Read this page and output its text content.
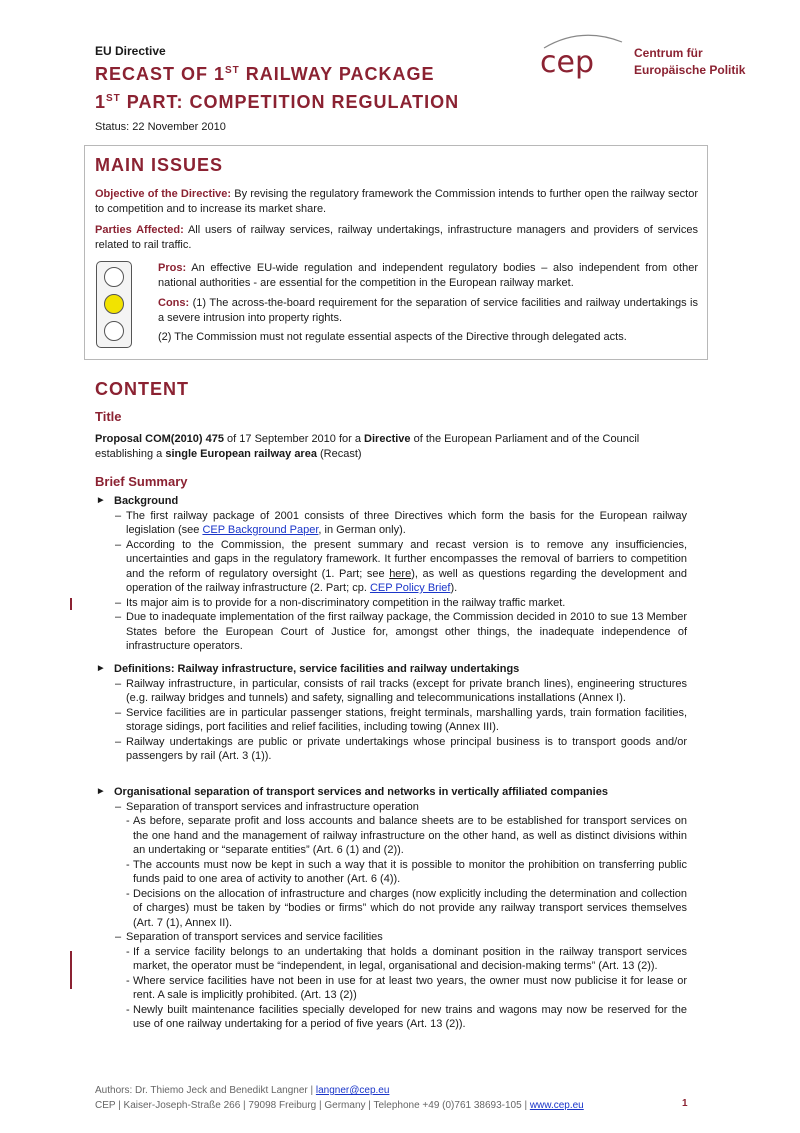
EU Directive
RECAST OF 1ST RAILWAY PACKAGE
1ST PART: COMPETITION REGULATION
Status: 22 November 2010
cep	Centrum für
Europäische Politik
MAIN ISSUES
Objective of the Directive: By revising the regulatory framework the Commission intends to further open the railway sector to competition and to increase its market share.
Parties Affected: All users of railway services, railway undertakings, infrastructure managers and providers of services related to rail traffic.
Pros: An effective EU-wide regulation and independent regulatory bodies – also independent from other national authorities - are essential for the competition in the European railway market.
Cons: (1) The across-the-board requirement for the separation of service facilities and railway undertakings is a severe intrusion into property rights.
(2) The Commission must not regulate essential aspects of the Directive through delegated acts.
CONTENT
Title
Proposal COM(2010) 475 of 17 September 2010 for a Directive of the European Parliament and of the Council establishing a single European railway area (Recast)
Brief Summary
▶ Background
– The first railway package of 2001 consists of three Directives which form the basis for the European railway legislation (see CEP Background Paper, in German only).
– According to the Commission, the present summary and recast version is to remove any insufficiencies, uncertainties and gaps in the regulatory framework. It further encompasses the removal of barriers to competition and the reform of regulatory oversight (1. Part; see here), as well as questions regarding the development and operation of the railway infrastructure (2. Part; cp. CEP Policy Brief).
– Its major aim is to provide for a non-discriminatory competition in the railway traffic market.
– Due to inadequate implementation of the first railway package, the Commission decided in 2010 to sue 13 Member States before the European Court of Justice for, amongst other things, the inadequate independence of infrastructure operators.
▶ Definitions: Railway infrastructure, service facilities and railway undertakings
– Railway infrastructure, in particular, consists of rail tracks (except for private branch lines), engineering structures (e.g. railway bridges and tunnels) and safety, signalling and telecommunications installations (Annex I).
– Service facilities are in particular passenger stations, freight terminals, marshalling yards, train formation facilities, storage sidings, port facilities and relief facilities, including towing (Annex III).
– Railway undertakings are public or private undertakings whose principal business is to transport goods and/or passengers by rail (Art. 3 (1)).
▶ Organisational separation of transport services and networks in vertically affiliated companies
– Separation of transport services and infrastructure operation
- As before, separate profit and loss accounts and balance sheets are to be established for transport services on the one hand and the management of railway infrastructure on the other hand, as well as distinct divisions within an undertaking or “separate entities” (Art. 6 (1) and (2)).
- The accounts must now be kept in such a way that it is possible to monitor the prohibition on transferring public funds paid to one area of activity to another (Art. 6 (4)).
- Decisions on the allocation of infrastructure and charges (now explicitly including the determination and collection of charges) must be taken by “bodies or firms” which do not provide any railway transport services themselves (Art. 7 (1), Annex II).
– Separation of transport services and service facilities
- If a service facility belongs to an undertaking that holds a dominant position in the railway transport services market, the operator must be “independent, in legal, organisational and decision-making terms” (Art. 13 (2)).
- Where service facilities have not been in use for at least two years, the owner must now publicise it for lease or rent. A sale is implicitly prohibited. (Art. 13 (2))
- Newly built maintenance facilities specially developed for new trains and wagons may now be reserved for the use of one railway undertaking for a period of five years (Art. 13 (2)).
Authors: Dr. Thiemo Jeck and Benedikt Langner | langner@cep.eu
CEP | Kaiser-Joseph-Straße 266 | 79098 Freiburg | Germany | Telephone +49 (0)761 38693-105 | www.cep.eu	1
